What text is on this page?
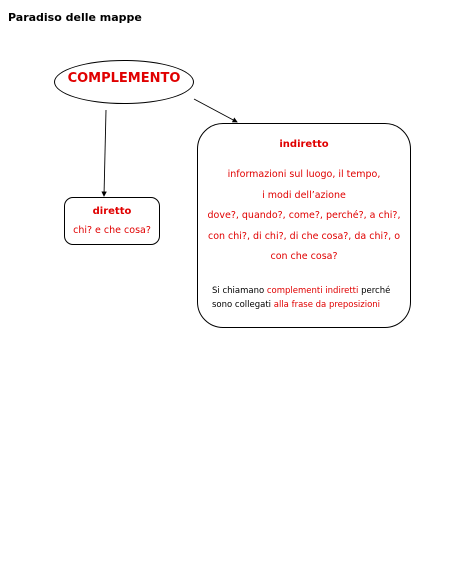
Paradiso delle mappe
COMPLEMENTO
diretto
chi? e che cosa?
indiretto
informazioni sul luogo, il tempo,
i modi dell’azione
dove?, quando?, come?, perché?, a chi?,
con chi?, di chi?, di che cosa?, da chi?, o
con che cosa?
Si chiamano complementi indiretti perché
sono collegati alla frase da preposizioni
